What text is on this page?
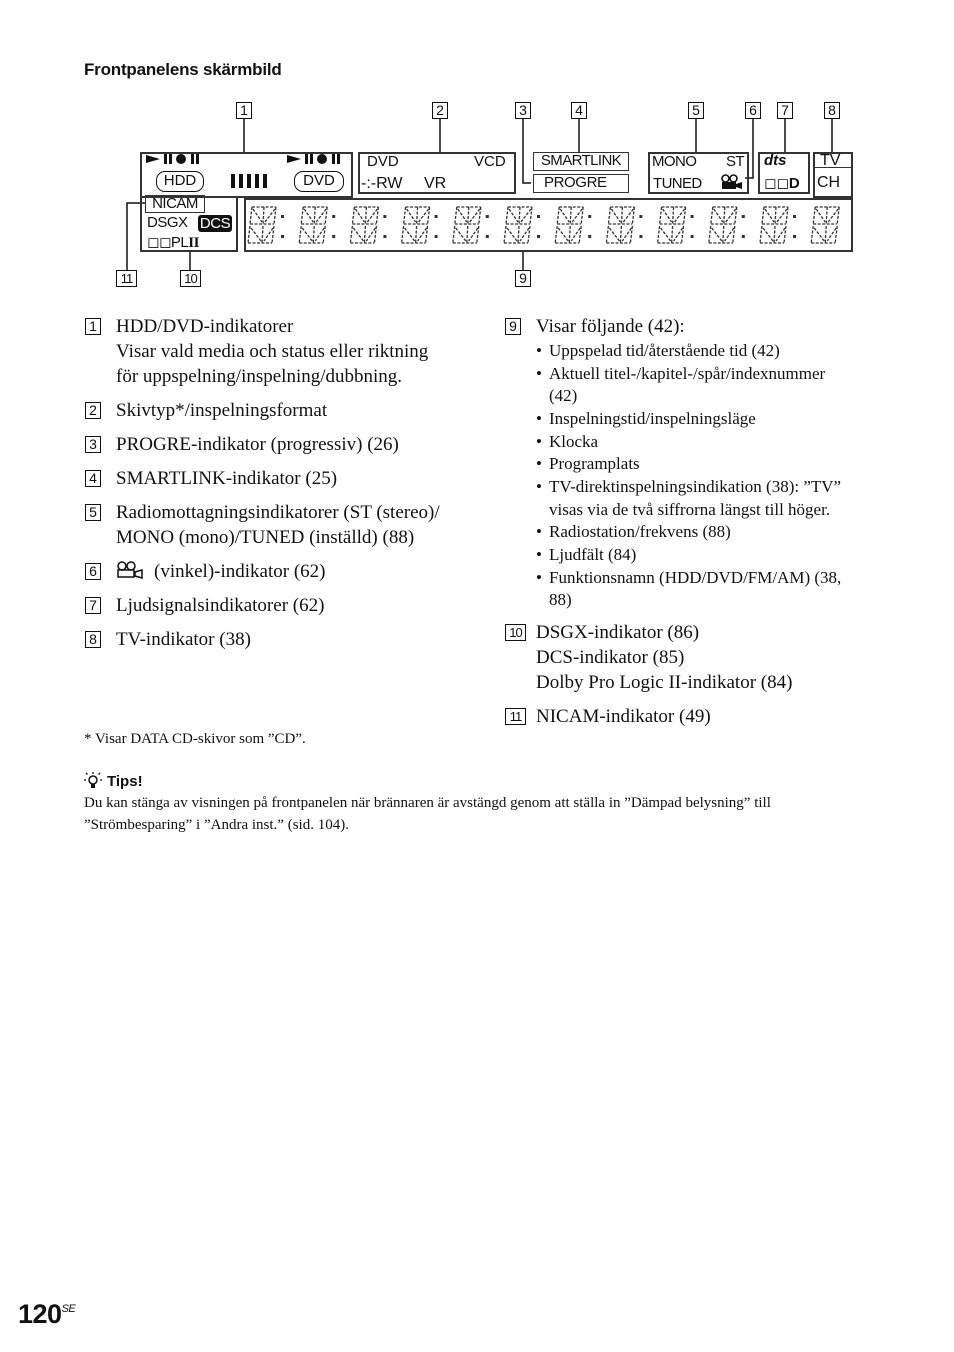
Frontpanelens skärmbild
1	2	3	4	5	6 7	8
11	10	9
HDD	DVD
DVD	VCD
-:-RW VR
SMARTLINK
PROGRE
MONO ST
TUNED
dts
◻◻D
TV
CH
NICAM
DSGX DCS
◻◻PLII
1 HDD/DVD-indikatorer
Visar vald media och status eller riktning
för uppspelning/inspelning/dubbning.
2 Skivtyp*/inspelningsformat
3 PROGRE-indikator (progressiv) (26)
4 SMARTLINK-indikator (25)
5 Radiomottagningsindikatorer (ST (stereo)/
MONO (mono)/TUNED (inställd) (88)
6	(vinkel)-indikator (62)
7 Ljudsignalsindikatorer (62)
8 TV-indikator (38)
9 Visar följande (42):
• Uppspelad tid/återstående tid (42)
• Aktuell titel-/kapitel-/spår/indexnummer
(42)
• Inspelningstid/inspelningsläge
• Klocka
• Programplats
• TV-direktinspelningsindikation (38): ”TV”
visas via de två siffrorna längst till höger.
• Radiostation/frekvens (88)
• Ljudfält (84)
• Funktionsnamn (HDD/DVD/FM/AM) (38,
88)
10 DSGX-indikator (86)
DCS-indikator (85)
Dolby Pro Logic II-indikator (84)
11 NICAM-indikator (49)
* Visar DATA CD-skivor som ”CD”.
Tips!
Du kan stänga av visningen på frontpanelen när brännaren är avstängd genom att ställa in ”Dämpad belysning” till
”Strömbesparing” i ”Andra inst.” (sid. 104).
$120^{SE}$
